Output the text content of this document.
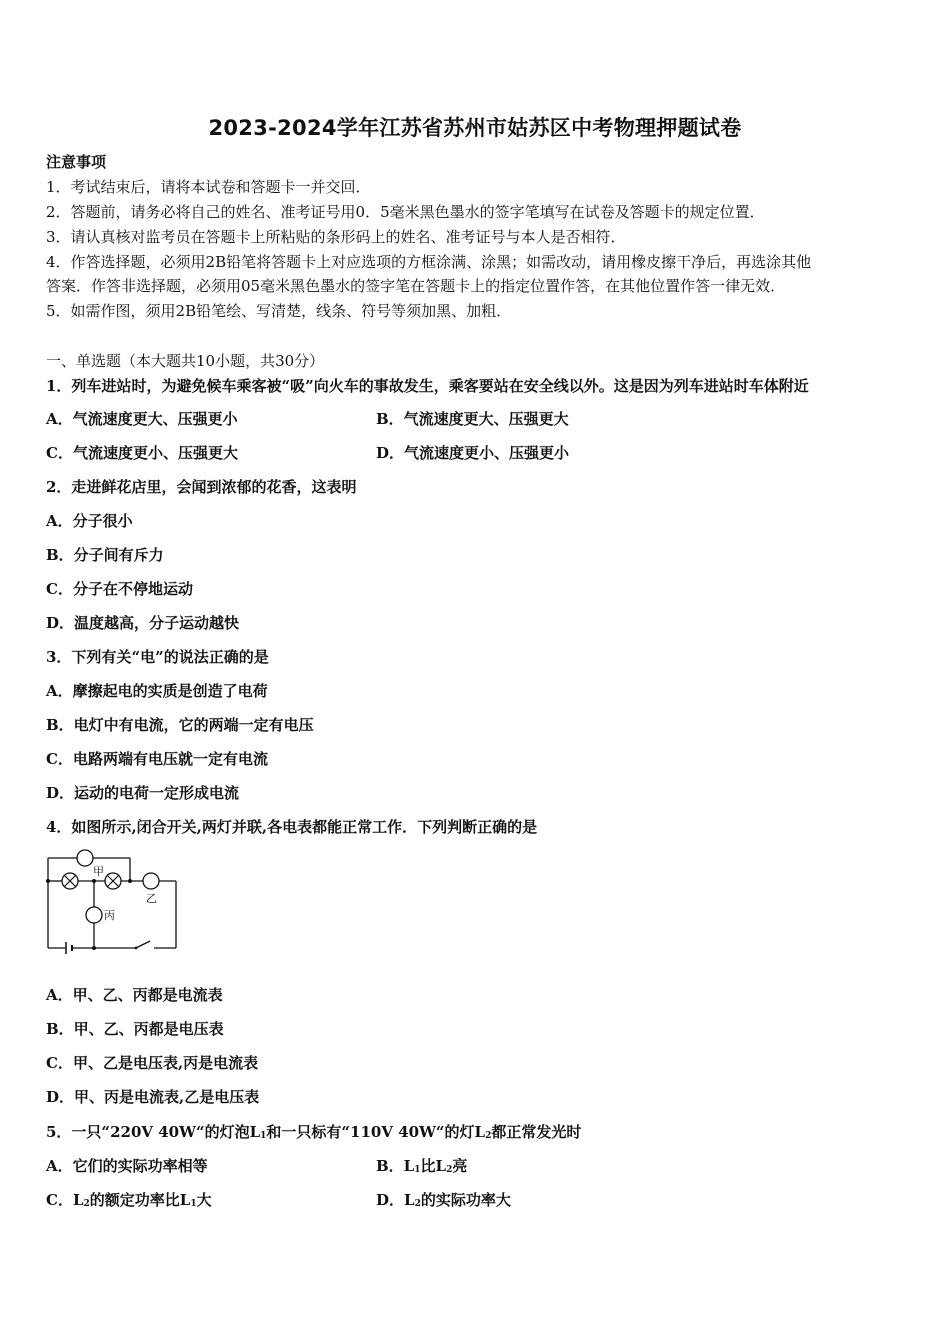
2023-2024学年江苏省苏州市姑苏区中考物理押题试卷
注意事项
1．考试结束后，请将本试卷和答题卡一并交回．
2．答题前，请务必将自己的姓名、准考证号用0．5毫米黑色墨水的签字笔填写在试卷及答题卡的规定位置．
3．请认真核对监考员在答题卡上所粘贴的条形码上的姓名、准考证号与本人是否相符．
4．作答选择题，必须用2B铅笔将答题卡上对应选项的方框涂满、涂黑；如需改动，请用橡皮擦干净后，再选涂其他
答案．作答非选择题，必须用05毫米黑色墨水的签字笔在答题卡上的指定位置作答，在其他位置作答一律无效．
5．如需作图，须用2B铅笔绘、写清楚，线条、符号等须加黑、加粗．
一、单选题（本大题共10小题，共30分）
1．列车进站时，为避免候车乘客被“吸”向火车的事故发生，乘客要站在安全线以外。这是因为列车进站时车体附近
A．气流速度更大、压强更小	B．气流速度更大、压强更大
C．气流速度更小、压强更大	D．气流速度更小、压强更小
2．走进鲜花店里，会闻到浓郁的花香，这表明
A．分子很小
B．分子间有斥力
C．分子在不停地运动
D．温度越高，分子运动越快
3．下列有关“电”的说法正确的是
A．摩擦起电的实质是创造了电荷
B．电灯中有电流，它的两端一定有电压
C．电路两端有电压就一定有电流
D．运动的电荷一定形成电流
4．如图所示,闭合开关,两灯并联,各电表都能正常工作．下列判断正确的是
甲
乙
丙
A．甲、乙、丙都是电流表
B．甲、乙、丙都是电压表
C．甲、乙是电压表,丙是电流表
D．甲、丙是电流表,乙是电压表
5．一只“220V 40W“的灯泡$L_1$和一只标有“110V 40W“的灯$L_2$都正常发光时
A．它们的实际功率相等	B．$L_1$比$L_2$亮
C．$L_2$的额定功率比$L_1$大	D．$L_2$的实际功率大
